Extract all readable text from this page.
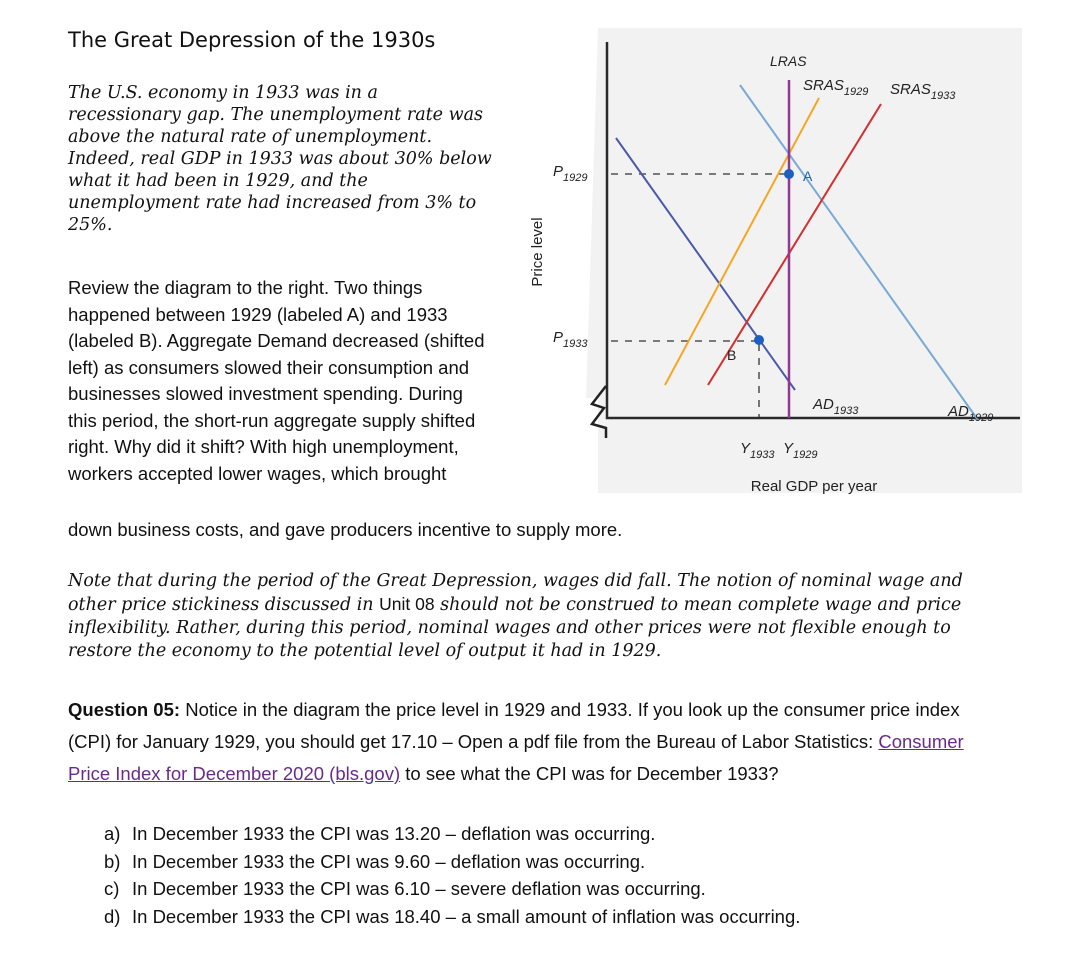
The Great Depression of the 1930s
The U.S. economy in 1933 was in a recessionary gap. The unemployment rate was above the natural rate of unemployment. Indeed, real GDP in 1933 was about 30% below what it had been in 1929, and the unemployment rate had increased from 3% to 25%.
Review the diagram to the right. Two things happened between 1929 (labeled A) and 1933 (labeled B). Aggregate Demand decreased (shifted left) as consumers slowed their consumption and businesses slowed investment spending. During this period, the short-run aggregate supply shifted right. Why did it shift? With high unemployment, workers accepted lower wages, which brought
down business costs, and gave producers incentive to supply more.
A
B
LRAS
$SRAS_{1929}$ $SRAS_{1933}$
$AD_{1933}$	$AD_{1929}$
$P_{1929}$
$P_{1933}$
$Y_{1933}$ $Y_{1929}$
Real GDP per year
Price level
Note that during the period of the Great Depression, wages did fall. The notion of nominal wage and other price stickiness discussed in Unit 08 should not be construed to mean complete wage and price inflexibility. Rather, during this period, nominal wages and other prices were not flexible enough to restore the economy to the potential level of output it had in 1929.
Question 05: Notice in the diagram the price level in 1929 and 1933. If you look up the consumer price index (CPI) for January 1929, you should get 17.10 – Open a pdf file from the Bureau of Labor Statistics: Consumer Price Index for December 2020 (bls.gov) to see what the CPI was for December 1933?
a) In December 1933 the CPI was 13.20 – deflation was occurring.
b) In December 1933 the CPI was 9.60 – deflation was occurring.
c) In December 1933 the CPI was 6.10 – severe deflation was occurring.
d) In December 1933 the CPI was 18.40 – a small amount of inflation was occurring.
